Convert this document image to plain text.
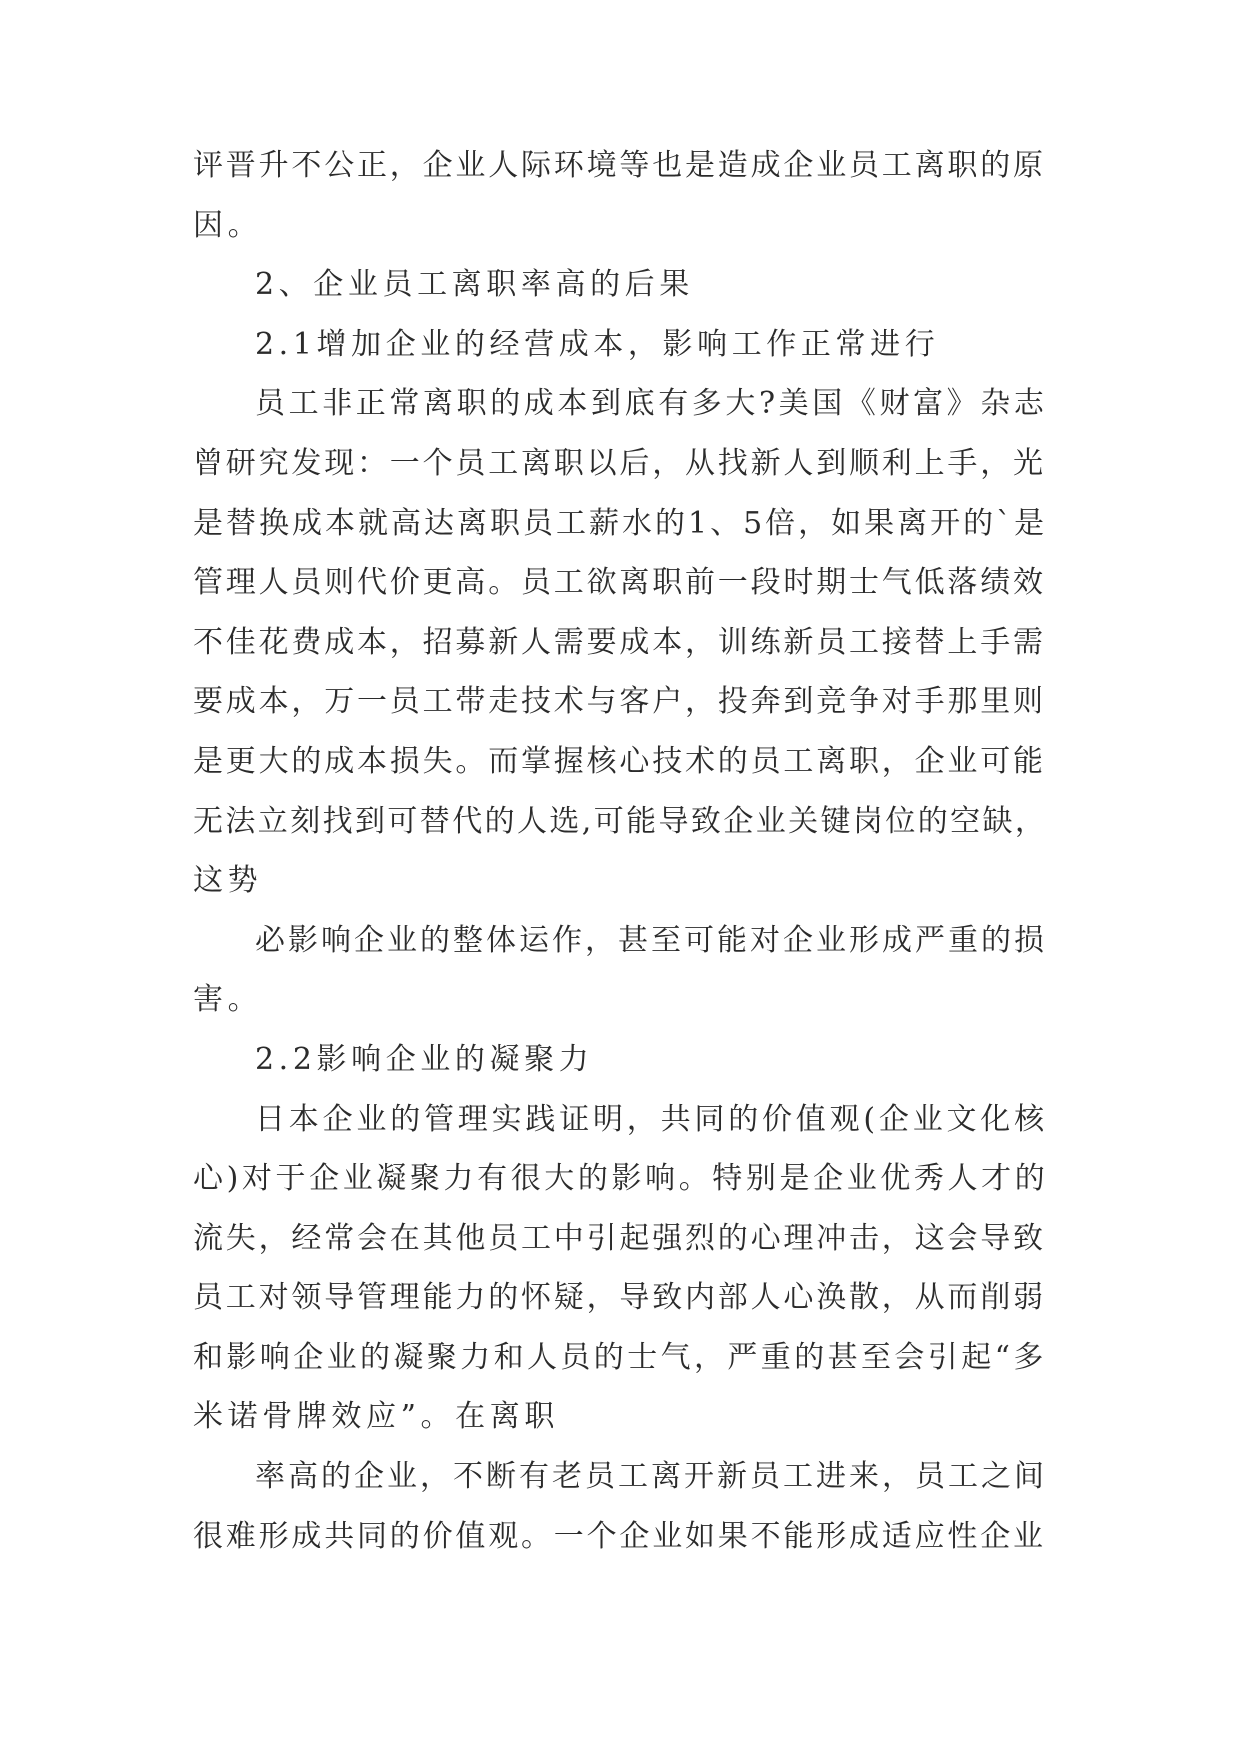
评晋升不公正，企业人际环境等也是造成企业员工离职的原
因。
2、企业员工离职率高的后果
2.1增加企业的经营成本，影响工作正常进行
员工非正常离职的成本到底有多大?美国《财富》杂志
曾研究发现：一个员工离职以后，从找新人到顺利上手，光
是替换成本就高达离职员工薪水的1、5倍，如果离开的`是
管理人员则代价更高。员工欲离职前一段时期士气低落绩效
不佳花费成本，招募新人需要成本，训练新员工接替上手需
要成本，万一员工带走技术与客户，投奔到竞争对手那里则
是更大的成本损失。而掌握核心技术的员工离职，企业可能
无法立刻找到可替代的人选,可能导致企业关键岗位的空缺，
这势
必影响企业的整体运作，甚至可能对企业形成严重的损
害。
2.2影响企业的凝聚力
日本企业的管理实践证明，共同的价值观(企业文化核
心)对于企业凝聚力有很大的影响。特别是企业优秀人才的
流失，经常会在其他员工中引起强烈的心理冲击，这会导致
员工对领导管理能力的怀疑，导致内部人心涣散，从而削弱
和影响企业的凝聚力和人员的士气，严重的甚至会引起“多
米诺骨牌效应”。在离职
率高的企业，不断有老员工离开新员工进来，员工之间
很难形成共同的价值观。一个企业如果不能形成适应性企业
